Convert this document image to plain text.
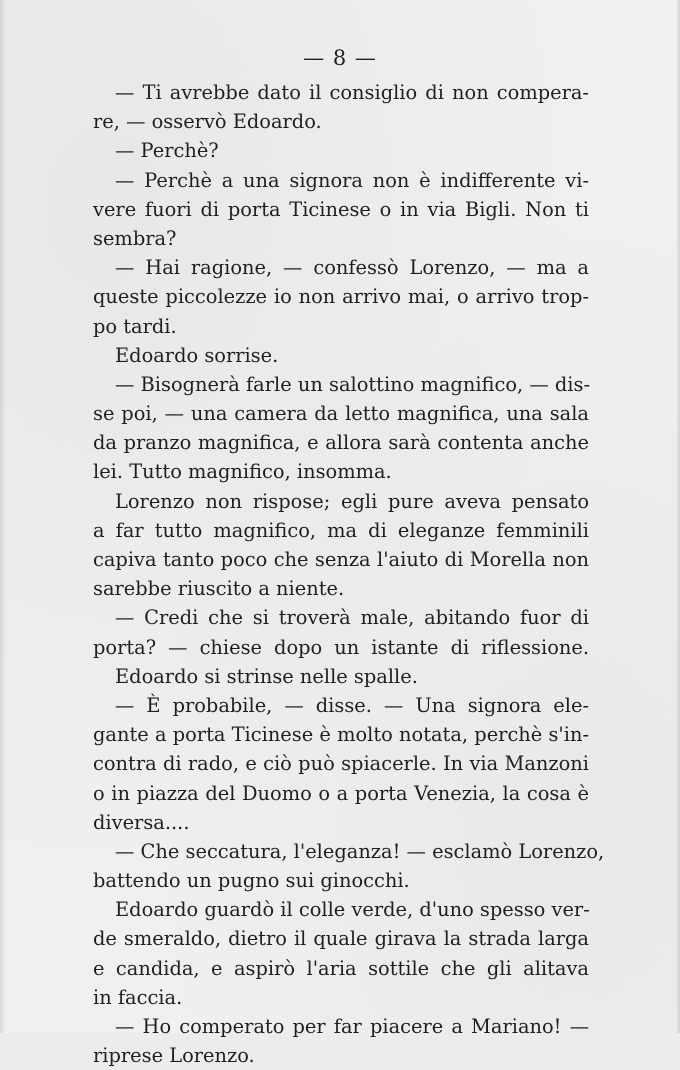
— 8 —
— Ti avrebbe dato il consiglio di non compera-
re, — osservò Edoardo.
— Perchè?
— Perchè a una signora non è indifferente vi-
vere fuori di porta Ticinese o in via Bigli. Non ti
sembra?
— Hai ragione, — confessò Lorenzo, — ma a
queste piccolezze io non arrivo mai, o arrivo trop-
po tardi.
Edoardo sorrise.
— Bisognerà farle un salottino magnifico, — dis-
se poi, — una camera da letto magnifica, una sala
da pranzo magnifica, e allora sarà contenta anche
lei. Tutto magnifico, insomma.
Lorenzo non rispose; egli pure aveva pensato
a far tutto magnifico, ma di eleganze femminili
capiva tanto poco che senza l'aiuto di Morella non
sarebbe riuscito a niente.
— Credi che si troverà male, abitando fuor di
porta? — chiese dopo un istante di riflessione.
Edoardo si strinse nelle spalle.
— È probabile, — disse. — Una signora ele-
gante a porta Ticinese è molto notata, perchè s'in-
contra di rado, e ciò può spiacerle. In via Manzoni
o in piazza del Duomo o a porta Venezia, la cosa è
diversa....
— Che seccatura, l'eleganza! — esclamò Lorenzo,
battendo un pugno sui ginocchi.
Edoardo guardò il colle verde, d'uno spesso ver-
de smeraldo, dietro il quale girava la strada larga
e candida, e aspirò l'aria sottile che gli alitava
in faccia.
— Ho comperato per far piacere a Mariano! —
riprese Lorenzo.
